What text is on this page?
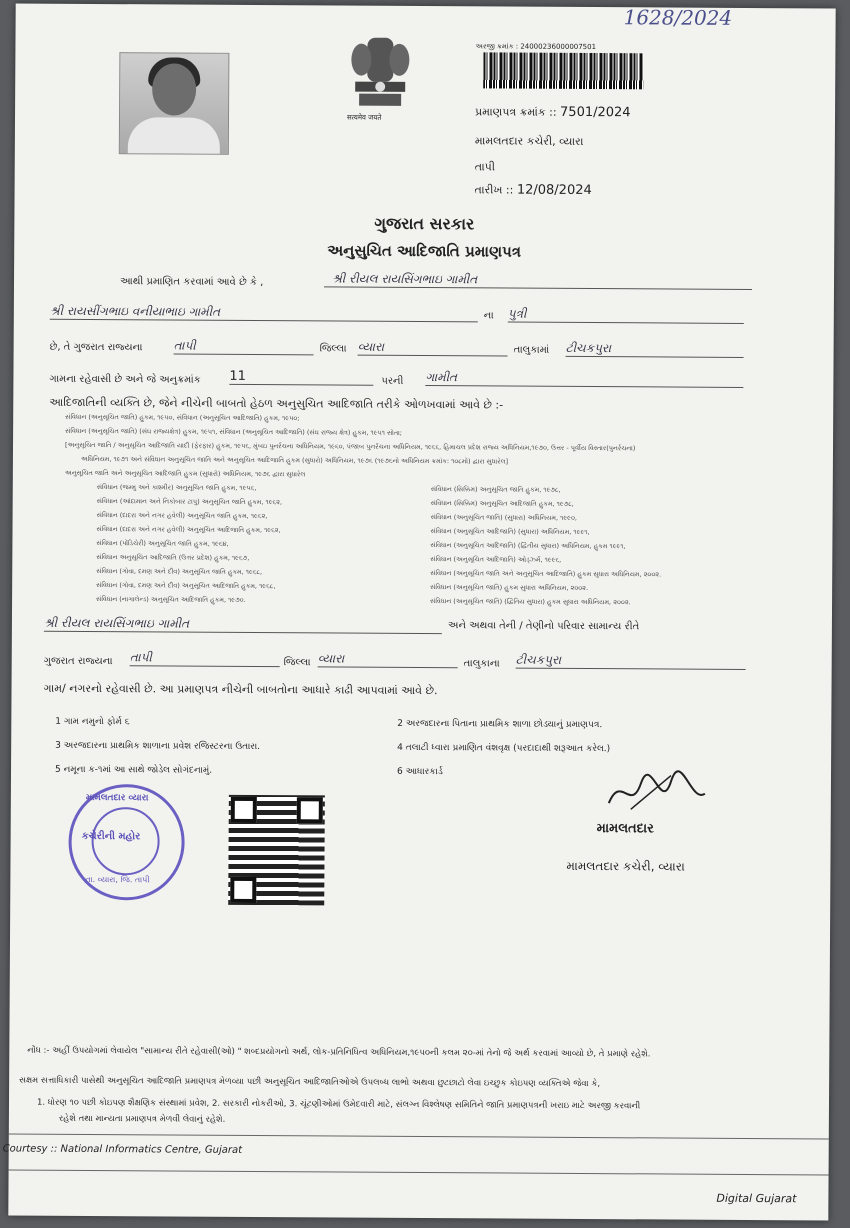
1628/2024
सत्यमेव जयते
અરજી ક્રમાંક : 24000236000007501
પ્રમાણપત્ર ક્રમાંક :: 7501/2024
મામલતદાર કચેરી, વ્યારા
તાપી
તારીખ :: 12/08/2024
ગુજરાત સરકાર
અનુસુચિત આદિજાતિ પ્રમાણપત્ર
આથી પ્રમાણિત કરવામાં આવે છે કે ,	શ્રી રીયલ રાયસિંગભાઇ ગામીત
શ્રી રાયસીંગભાઇ વનીયાભાઇ ગામીત	ના પુત્રી
છે, તે ગુજરાત રાજ્યના	તાપી	જિલ્લા વ્યારા	તાલુકામાં ટીચકપુરા
ગામના રહેવાસી છે અને જે અનુક્રમાંક 11	પરની ગામીત
આદિજાતિની વ્યક્તિ છે, જેને નીચેની બાબતો હેઠળ અનુસુચિત આદિજાતિ તરીકે ઓળખવામાં આવે છે :-
સંવિધાન (અનુસૂચિત જાતિ) હુકમ, ૧૯૫૦, સંવિધાન (અનુસૂચિત આદિજાતિ) હુકમ, ૧૯૫૦;
સંવિધાન (અનુસૂચિત જાતિ) (સંઘ રાજ્યક્ષેત્ર) હુકમ, ૧૯૫૧, સંવિધાન (અનુસૂચિત આદિજાતિ) (સંઘ રાજ્ય ક્ષેત્ર) હુકમ, ૧૯૫૧ સોતા;
[અનુસૂચિત જાતિ / અનુસૂચિત આદિજાતિ યાદી (ફેરફાર) હુકમ, ૧૯૫૬, મુંબઇ પુનર્રચના અધિનિયમ, ૧૯૬૦, પંજાબ પુનર્રચના અધિનિયમ, ૧૯૬૬, હિમાચલ પ્રદેશ રાજ્ય અધિનિયમ,૧૯૭૦, ઉત્તર - પૂર્વીય વિસ્તાર(પુનર્રચના)
અધિનિયમ, ૧૯૭૧ અને સંવિધાન અનુસૂચિત જાતિ અને અનુસૂચિત આદિજાતિ હુકમ (સુધારો) અધિનિયમ, ૧૯૭૬ (૧૯૭૬નો અધિનિયમ ક્રમાંક: ૧૦૮મો) દ્વારા સુધારેલ]
અનુસૂચિત જાતિ અને અનુસૂચિત આદિજાતિ હુકમ (સુધારો) અધિનિયમ, ૧૯૭૬ દ્વારા સુધારેલ
સંવિધાન (જમ્મુ અને કાશ્મીર) અનુસૂચિત જાતિ હુકમ, ૧૯૫૬,
સંવિધાન (આંદામાન અને નિકોબાર ટાપુ) અનુસૂચિત જાતિ હુકમ, ૧૯૬૨,
સંવિધાન (દાદરા અને નગર હવેલી) અનુસૂચિત જાતિ હુકમ, ૧૯૬૨,
સંવિધાન (દાદરા અને નગર હવેલી) અનુસૂચિત આદિજાતિ હુકમ, ૧૯૬૨,
સંવિધાન (પોંડિચેરી) અનુસૂચિત જાતિ હુકમ, ૧૯૬૪,
સંવિધાન અનુસૂચિત આદિજાતિ (ઉત્તર પ્રદેશ) હુકમ, ૧૯૬૭,
સંવિધાન (ગોવા, દમણ અને દીવ) અનુસૂચિત જાતિ હુકમ, ૧૯૬૮,
સંવિધાન (ગોવા, દમણ અને દીવ) અનુસૂચિત આદિજાતિ હુકમ, ૧૯૬૮,
સંવિધાન (નાગાલેન્ડ) અનુસૂચિત આદિજાતિ હુકમ, ૧૯૭૦.
સંવિધાન (સિક્કિમ) અનુસૂચિત જાતિ હુકમ, ૧૯૭૮,
સંવિધાન (સિક્કિમ) અનુસૂચિત આદિજાતિ હુકમ, ૧૯૭૮,
સંવિધાન (અનુસૂચિત જાતિ) (સુધારા) અધિનિયમ, ૧૯૯૦,
સંવિધાન (અનુસૂચિત આદિજાતિ) (સુધારા) અધિનિયમ, ૧૯૯૧,
સંવિધાન (અનુસૂચિત આદિજાતિ) (દ્વિતીય સુધારા) અધિનિયમ, હુકમ ૧૯૯૧,
સંવિધાન (અનુસૂચિત આદિજાતિ) ઓર્ડ્ઝ્મ, ૧૯૯૬,
સંવિધાન (અનુસૂચિત જાતિ અને અનુસૂચિત આદિજાતિ) હુકમ સુધારા અધિનિયમ, ૨૦૦૨.
સંવિધાન (અનુસૂચિત જાતિ) હુકમ સુધારા અધિનિયમ, ૨૦૦૨.
સંવિધાન (અનુસૂચિત જાતિ) (દ્વિતિય સુધારા) હુકમ સુધારા અધિનિયમ, ૨૦૦૨.
શ્રી રીયલ રાયસિંગભાઇ ગામીત	અને અથવા તેની / તેણીનો પરિવાર સામાન્ય રીતે
ગુજરાત રાજ્યના તાપી	જિલ્લા વ્યારા	તાલુકાના ટીચકપુરા
ગામ/ નગરનો રહેવાસી છે. આ પ્રમાણપત્ર નીચેની બાબતોના આધારે કાઢી આપવામાં આવે છે.
1 ગામ નમુનો ફોર્મ ૬
3 અરજદારના પ્રાથમિક શાળાના પ્રવેશ રજિસ્ટરના ઉતારા.
5 નમૂના ક-૧માં આ સાથે જોડેલ સોગંદનામું.
2 અરજદારના પિતાના પ્રાથમિક શાળા છોડ્યાનું પ્રમાણપત્ર.
4 તલાટી ધ્વારા પ્રમાણિત વંશવૃક્ષ (પરદાદાથી શરૂઆત કરેલ.)
6 આધારકાર્ડ
મામલતદાર વ્યારા
કચેરીની મહોર
તા. વ્યારા, જિ. તાપી
મામલતદાર
મામલતદાર કચેરી, વ્યારા
નોંધ :- અહીં ઉપયોગમાં લેવાયેલ "સામાન્ય રીતે રહેવાસી(ઓ) " શબ્દપ્રયોગનો અર્થ, લોક-પ્રતિનિધિત્વ અધિનિયમ,૧૯૫૦ની કલમ ૨૦-માં તેનો જે અર્થ કરવામાં આવ્યો છે, તે પ્રમાણે રહેશે.
સક્ષમ સત્તાધિકારી પાસેથી અનુસૂચિત આદિજાતિ પ્રમાણપત્ર મેળવ્યા પછી અનુસૂચિત આદિજાતિઓએ ઉપલબ્ધ લાભો અથવા છુટછાટો લેવા ઇચ્છુક કોઇપણ વ્યક્તિએ જેવા કે,
1. ધોરણ ૧૦ પછી કોઇપણ શૈક્ષણિક સંસ્થામાં પ્રવેશ, 2. સરકારી નોકરીઓ, 3. ચૂંટણીઓમાં ઉમેદવારી માટે, સંલગ્ન વિશ્લેષણ સમિતિને જાતિ પ્રમાણપત્રની ખરાઇ માટે અરજી કરવાની
રહેશે તથા માન્યતા પ્રમાણપત્ર મેળવી લેવાનું રહેશે.
Courtesy :: National Informatics Centre, Gujarat
Digital Gujarat
